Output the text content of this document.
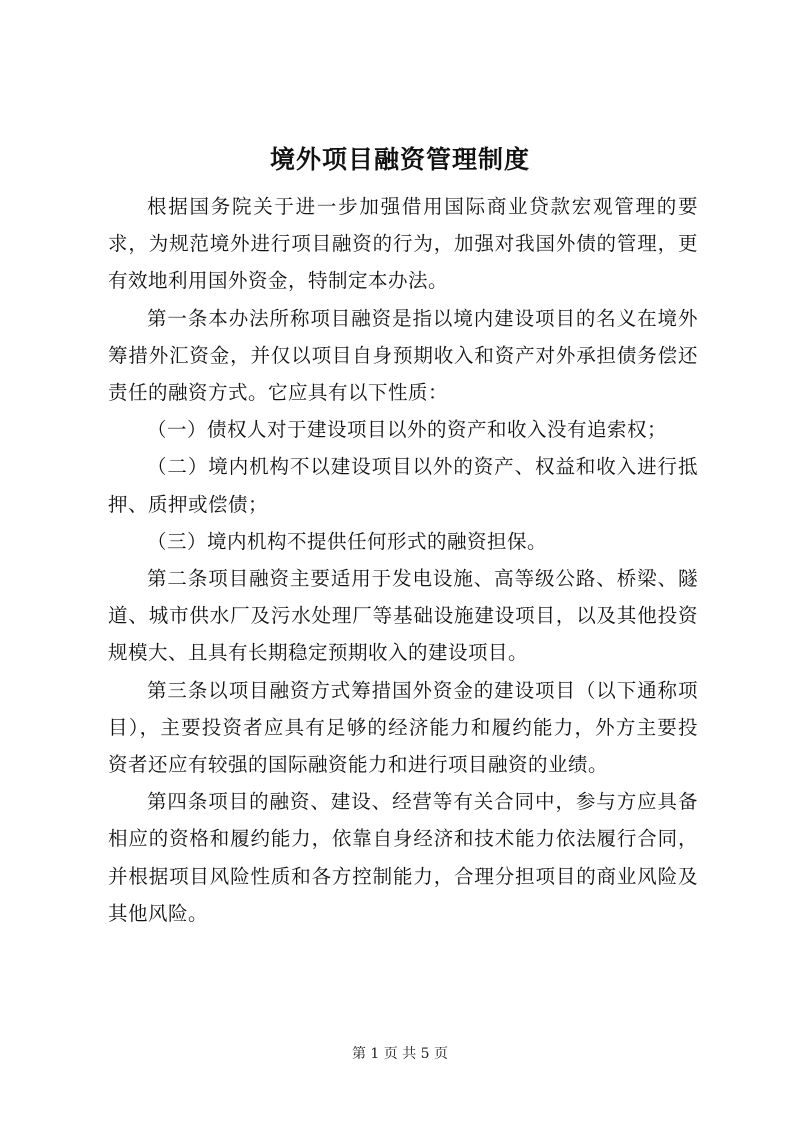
境外项目融资管理制度

根据国务院关于进一步加强借用国际商业贷款宏观管理的要求，为规范境外进行项目融资的行为，加强对我国外债的管理，更有效地利用国外资金，特制定本办法。

第一条本办法所称项目融资是指以境内建设项目的名义在境外筹措外汇资金，并仅以项目自身预期收入和资产对外承担债务偿还责任的融资方式。它应具有以下性质：

（一）债权人对于建设项目以外的资产和收入没有追索权；

（二）境内机构不以建设项目以外的资产、权益和收入进行抵押、质押或偿债；

（三）境内机构不提供任何形式的融资担保。

第二条项目融资主要适用于发电设施、高等级公路、桥梁、隧道、城市供水厂及污水处理厂等基础设施建设项目，以及其他投资规模大、且具有长期稳定预期收入的建设项目。

第三条以项目融资方式筹措国外资金的建设项目（以下通称项目），主要投资者应具有足够的经济能力和履约能力，外方主要投资者还应有较强的国际融资能力和进行项目融资的业绩。

第四条项目的融资、建设、经营等有关合同中，参与方应具备相应的资格和履约能力，依靠自身经济和技术能力依法履行合同，并根据项目风险性质和各方控制能力，合理分担项目的商业风险及其他风险。

第 1 页 共 5 页
